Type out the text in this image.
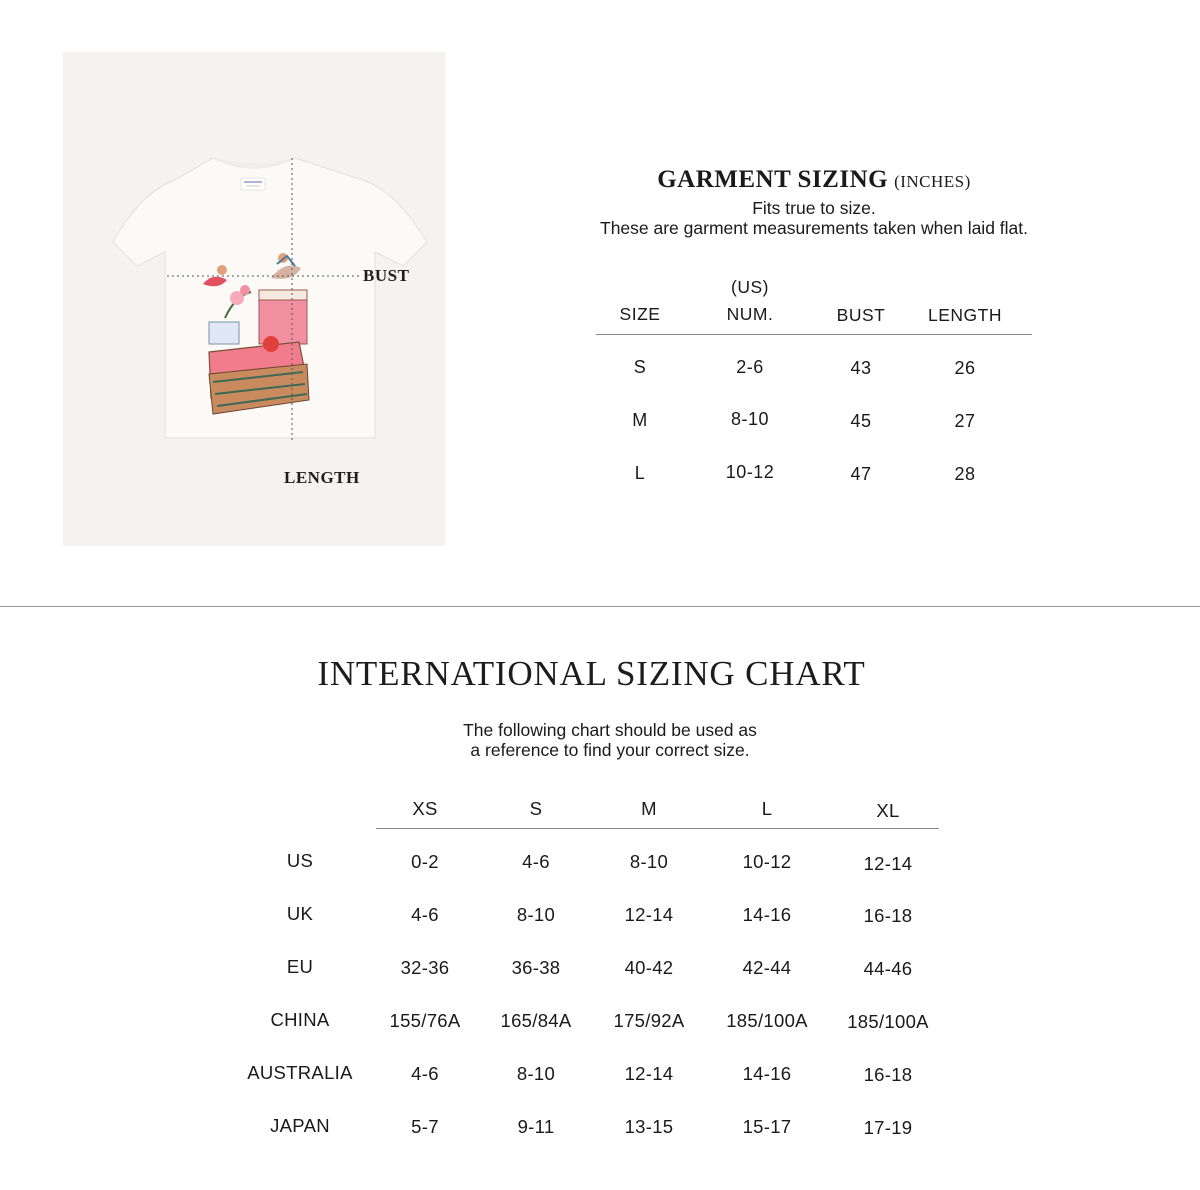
BUST
LENGTH
GARMENT SIZING (INCHES)
Fits true to size.
These are garment measurements taken when laid flat.
(US)
SIZE	NUM.	BUST	LENGTH
S	2-6	43	26
M	8-10	45	27
L	10-12	47	28
INTERNATIONAL SIZING CHART
The following chart should be used as
a reference to find your correct size.
XS	S	M	L	XL
US	0-2	4-6	8-10	10-12	12-14
UK	4-6	8-10	12-14	14-16	16-18
EU	32-36	36-38	40-42	42-44	44-46
CHINA	155/76A	165/84A	175/92A	185/100A	185/100A
AUSTRALIA	4-6	8-10	12-14	14-16	16-18
JAPAN	5-7	9-11	13-15	15-17	17-19
